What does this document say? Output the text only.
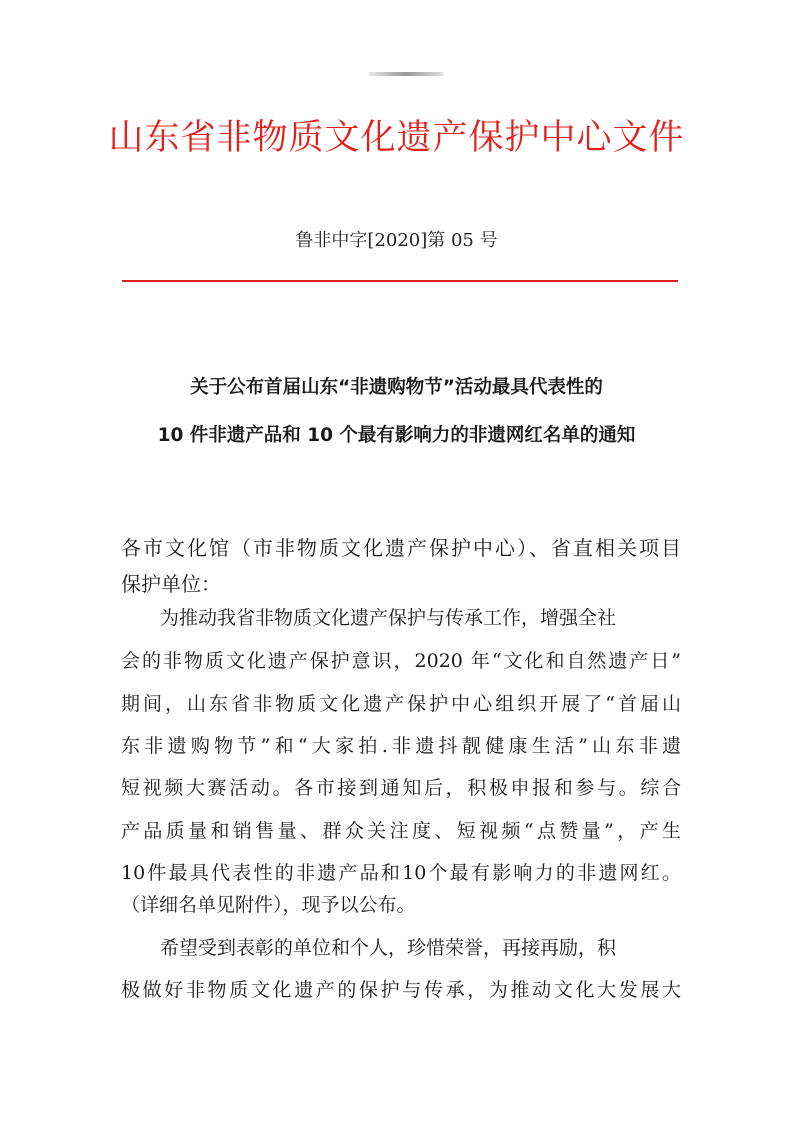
山东省非物质文化遗产保护中心文件
鲁非中字[2020]第 05 号
关于公布首届山东“非遗购物节”活动最具代表性的
10 件非遗产品和 10 个最有影响力的非遗网红名单的通知
各市文化馆（市非物质文化遗产保护中心）、省直相关项目
保护单位：
为推动我省非物质文化遗产保护与传承工作，增强全社
会的非物质文化遗产保护意识，2020 年“文化和自然遗产日”
期间，山东省非物质文化遗产保护中心组织开展了“首届山
东非遗购物节”和“大家拍.非遗抖靓健康生活”山东非遗
短视频大赛活动。各市接到通知后，积极申报和参与。综合
产品质量和销售量、群众关注度、短视频“点赞量”，产生
10件最具代表性的非遗产品和10个最有影响力的非遗网红。
（详细名单见附件），现予以公布。
希望受到表彰的单位和个人，珍惜荣誉，再接再励，积
极做好非物质文化遗产的保护与传承，为推动文化大发展大
